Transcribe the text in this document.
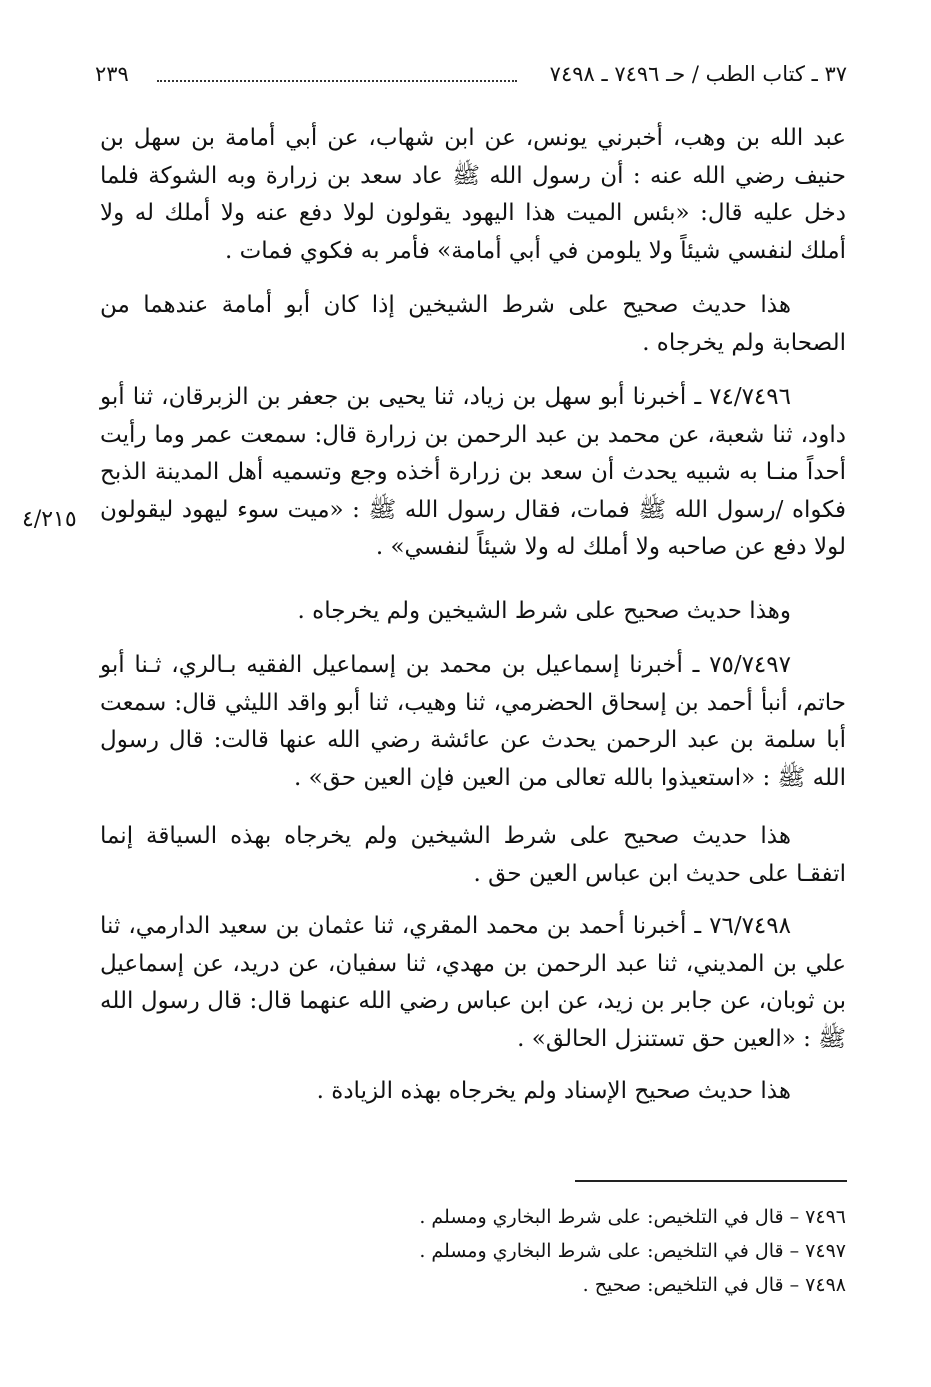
٣٧ ـ كتاب الطب / حـ ٧٤٩٦ ـ ٧٤٩٨
٢٣٩
عبد الله بن وهب، أخبرني يونس، عن ابن شهاب، عن أبي أمامة بن سهل بن حنيف رضي الله عنه : أن رسول الله ﷺ عاد سعد بن زرارة وبه الشوكة فلما دخل عليه قال: «بئس الميت هذا اليهود يقولون لولا دفع عنه ولا أملك له ولا أملك لنفسي شيئاً ولا يلومن في أبي أمامة» فأمر به فكوي فمات .
هذا حديث صحيح على شرط الشيخين إذا كان أبو أمامة عندهما من الصحابة ولم يخرجاه .
٧٤/٧٤٩٦ ـ أخبرنا أبو سهل بن زياد، ثنا يحيى بن جعفر بن الزبرقان، ثنا أبو داود، ثنا شعبة، عن محمد بن عبد الرحمن بن زرارة قال: سمعت عمر وما رأيت أحداً منـا به شبيه يحدث أن سعد بن زرارة أخذه وجع وتسميه أهل المدينة الذبح فكواه /رسول الله ﷺ فمات، فقال رسول الله ﷺ : «ميت سوء ليهود ليقولون لولا دفع عن صاحبه ولا أملك له ولا شيئاً لنفسي» .
٤/٢١٥
وهذا حديث صحيح على شرط الشيخين ولم يخرجاه .
٧٥/٧٤٩٧ ـ أخبرنا إسماعيل بن محمد بن إسماعيل الفقيه بـالري، ثـنا أبو حاتم، أنبأ أحمد بن إسحاق الحضرمي، ثنا وهيب، ثنا أبو واقد الليثي قال: سمعت أبا سلمة بن عبد الرحمن يحدث عن عائشة رضي الله عنها قالت: قال رسول الله ﷺ : «استعيذوا بالله تعالى من العين فإن العين حق» .
هذا حديث صحيح على شرط الشيخين ولم يخرجاه بهذه السياقة إنما اتفقـا على حديث ابن عباس العين حق .
٧٦/٧٤٩٨ ـ أخبرنا أحمد بن محمد المقري، ثنا عثمان بن سعيد الدارمي، ثنا علي بن المديني، ثنا عبد الرحمن بن مهدي، ثنا سفيان، عن دريد، عن إسماعيل بن ثوبان، عن جابر بن زيد، عن ابن عباس رضي الله عنهما قال: قال رسول الله ﷺ : «العين حق تستنزل الحالق» .
هذا حديث صحيح الإسناد ولم يخرجاه بهذه الزيادة .
٧٤٩٦ – قال في التلخيص: على شرط البخاري ومسلم .
٧٤٩٧ – قال في التلخيص: على شرط البخاري ومسلم .
٧٤٩٨ – قال في التلخيص: صحيح .
